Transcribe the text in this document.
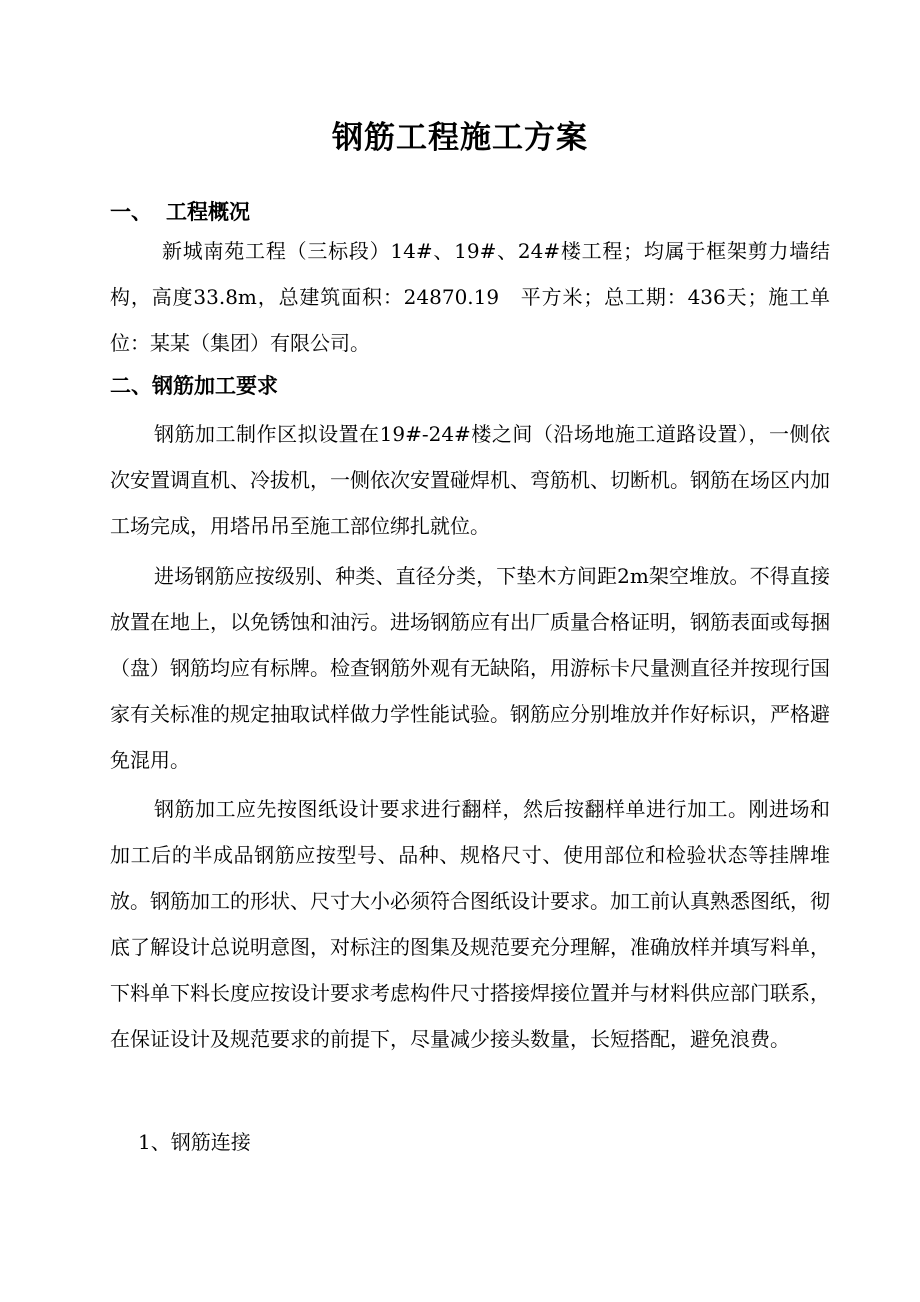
钢筋工程施工方案
一、 工程概况
新城南苑工程（三标段）14#、19#、24#楼工程；均属于框架剪力墙结构，高度33.8m，总建筑面积：24870.19　平方米；总工期：436天；施工单位：某某（集团）有限公司。
二、钢筋加工要求
钢筋加工制作区拟设置在19#-24#楼之间（沿场地施工道路设置），一侧依次安置调直机、冷拔机，一侧依次安置碰焊机、弯筋机、切断机。钢筋在场区内加工场完成，用塔吊吊至施工部位绑扎就位。
进场钢筋应按级别、种类、直径分类，下垫木方间距2m架空堆放。不得直接放置在地上，以免锈蚀和油污。进场钢筋应有出厂质量合格证明，钢筋表面或每捆（盘）钢筋均应有标牌。检查钢筋外观有无缺陷，用游标卡尺量测直径并按现行国家有关标准的规定抽取试样做力学性能试验。钢筋应分别堆放并作好标识，严格避免混用。
钢筋加工应先按图纸设计要求进行翻样，然后按翻样单进行加工。刚进场和加工后的半成品钢筋应按型号、品种、规格尺寸、使用部位和检验状态等挂牌堆放。钢筋加工的形状、尺寸大小必须符合图纸设计要求。加工前认真熟悉图纸，彻底了解设计总说明意图，对标注的图集及规范要充分理解，准确放样并填写料单，下料单下料长度应按设计要求考虑构件尺寸搭接焊接位置并与材料供应部门联系，在保证设计及规范要求的前提下，尽量减少接头数量，长短搭配，避免浪费。
1、钢筋连接
